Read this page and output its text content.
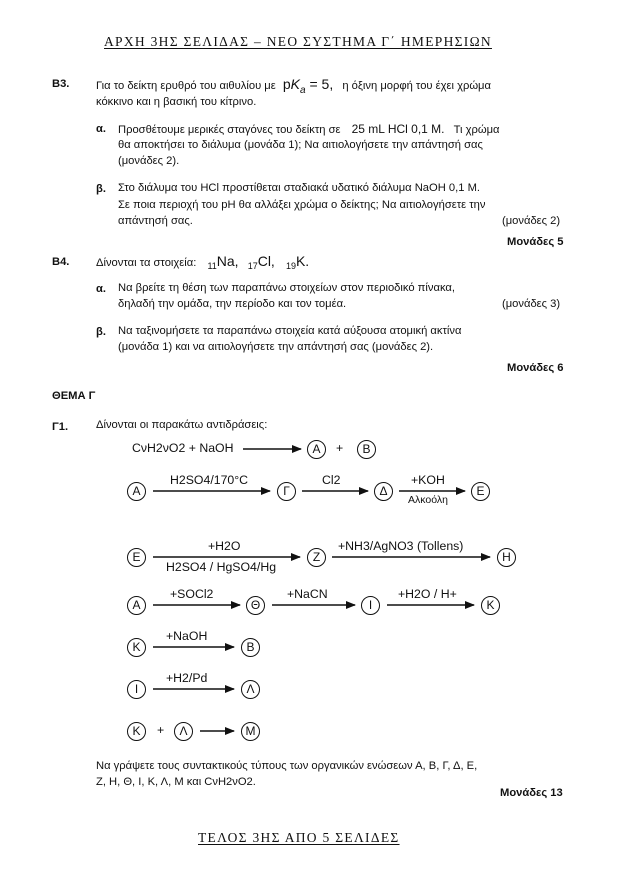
ΑΡΧΗ 3ΗΣ ΣΕΛΙΔΑΣ – ΝΕΟ ΣΥΣΤΗΜΑ Γ΄ ΗΜΕΡΗΣΙΩΝ
Β3. Για το δείκτη ερυθρό του αιθυλίου με $pK_a = 5$, η όξινη μορφή του έχει χρώμα
κόκκινο και η βασική του κίτρινο.
α. Προσθέτουμε μερικές σταγόνες του δείκτη σε 25 mL HCl 0,1 M. Τι χρώμα
θα αποκτήσει το διάλυμα (μονάδα 1); Να αιτιολογήσετε την απάντησή σας
(μονάδες 2).
β. Στο διάλυμα του HCl προστίθεται σταδιακά υδατικό διάλυμα NaOH 0,1 M.
Σε ποια περιοχή του pH θα αλλάξει χρώμα ο δείκτης; Να αιτιολογήσετε την
απάντησή σας.	(μονάδες 2)
Μονάδες 5
Β4. Δίνονται τα στοιχεία: $_{11}$Na, $_{17}$Cl, $_{19}$K.
α. Να βρείτε τη θέση των παραπάνω στοιχείων στον περιοδικό πίνακα,
δηλαδή την ομάδα, την περίοδο και τον τομέα.	(μονάδες 3)
β. Να ταξινομήσετε τα παραπάνω στοιχεία κατά αύξουσα ατομική ακτίνα
(μονάδα 1) και να αιτιολογήσετε την απάντησή σας (μονάδες 2).
Μονάδες 6
ΘΕΜΑ Γ
Γ1. Δίνονται οι παρακάτω αντιδράσεις:
CνH2νO2 + NaOH	Α	+	Β
Α
H2SO4/170°C
Γ
Cl2
Δ
+KOH
Αλκοόλη
Ε
Ε
+H2O
H2SO4 / HgSO4/Hg
Ζ
+NH3/AgNO3 (Tollens)
Η
Α
+SOCl2
Θ
+NaCN
Ι
+H2O / H+
Κ
Κ
+NaOH
Β
Ι
+H2/Pd
Λ
Κ	+	Λ	Μ
Να γράψετε τους συντακτικούς τύπους των οργανικών ενώσεων Α, Β, Γ, Δ, Ε,
Ζ, Η, Θ, Ι, Κ, Λ, Μ και CνH2νO2.
Μονάδες 13
ΤΕΛΟΣ 3ΗΣ ΑΠΟ 5 ΣΕΛΙΔΕΣ
